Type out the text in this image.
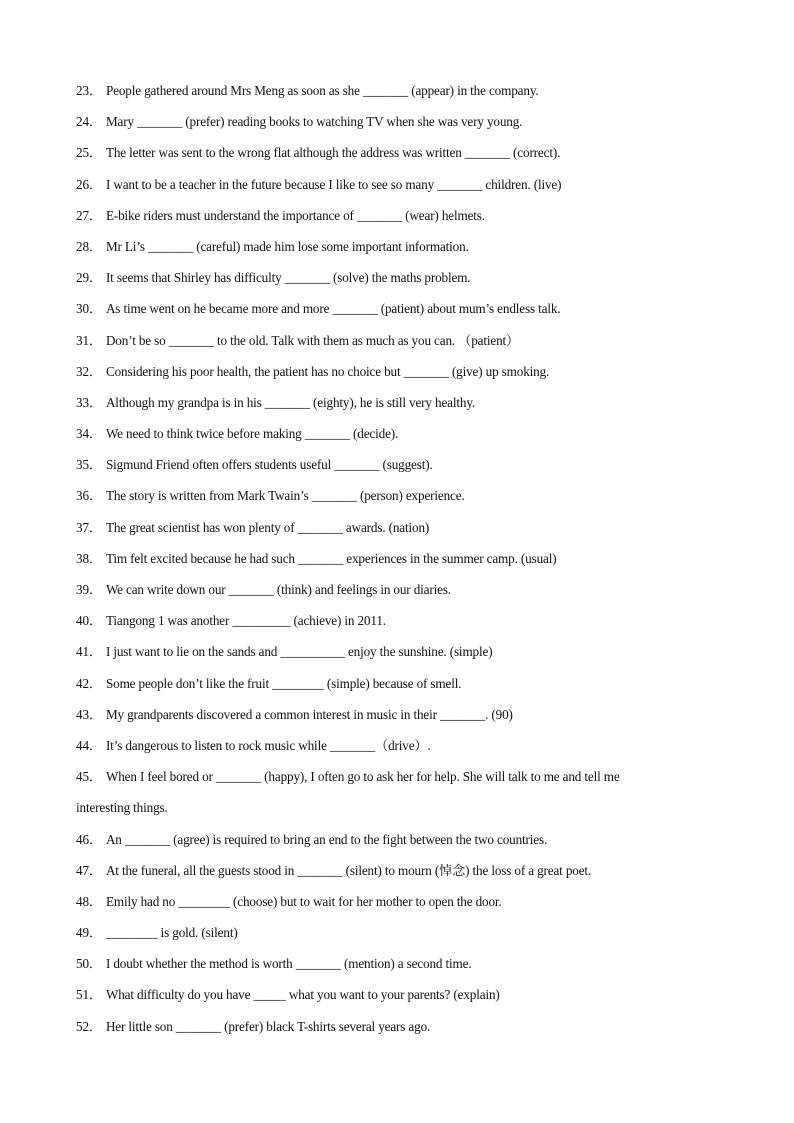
23． People gathered around Mrs Meng as soon as she _______ (appear) in the company.
24． Mary _______ (prefer) reading books to watching TV when she was very young.
25． The letter was sent to the wrong flat although the address was written _______ (correct).
26． I want to be a teacher in the future because I like to see so many _______ children. (live)
27． E-bike riders must understand the importance of _______ (wear) helmets.
28． Mr Li’s _______ (careful) made him lose some important information.
29． It seems that Shirley has difficulty _______ (solve) the maths problem.
30． As time went on he became more and more _______ (patient) about mum’s endless talk.
31． Don’t be so _______ to the old. Talk with them as much as you can. （patient）
32． Considering his poor health, the patient has no choice but _______ (give) up smoking.
33． Although my grandpa is in his _______ (eighty), he is still very healthy.
34． We need to think twice before making _______ (decide).
35． Sigmund Friend often offers students useful _______ (suggest).
36． The story is written from Mark Twain’s _______ (person) experience.
37． The great scientist has won plenty of _______ awards. (nation)
38． Tim felt excited because he had such _______ experiences in the summer camp. (usual)
39． We can write down our _______ (think) and feelings in our diaries.
40． Tiangong 1 was another _________ (achieve) in 2011.
41． I just want to lie on the sands and __________ enjoy the sunshine. (simple)
42． Some people don’t like the fruit ________ (simple) because of smell.
43． My grandparents discovered a common interest in music in their _______. (90)
44． It’s dangerous to listen to rock music while _______（drive）.
45． When I feel bored or _______ (happy), I often go to ask her for help. She will talk to me and tell me
interesting things.
46． An _______ (agree) is required to bring an end to the fight between the two countries.
47． At the funeral, all the guests stood in _______ (silent) to mourn (悼念) the loss of a great poet.
48． Emily had no ________ (choose) but to wait for her mother to open the door.
49． ________ is gold. (silent)
50． I doubt whether the method is worth _______ (mention) a second time.
51． What difficulty do you have _____ what you want to your parents? (explain)
52． Her little son _______ (prefer) black T-shirts several years ago.
